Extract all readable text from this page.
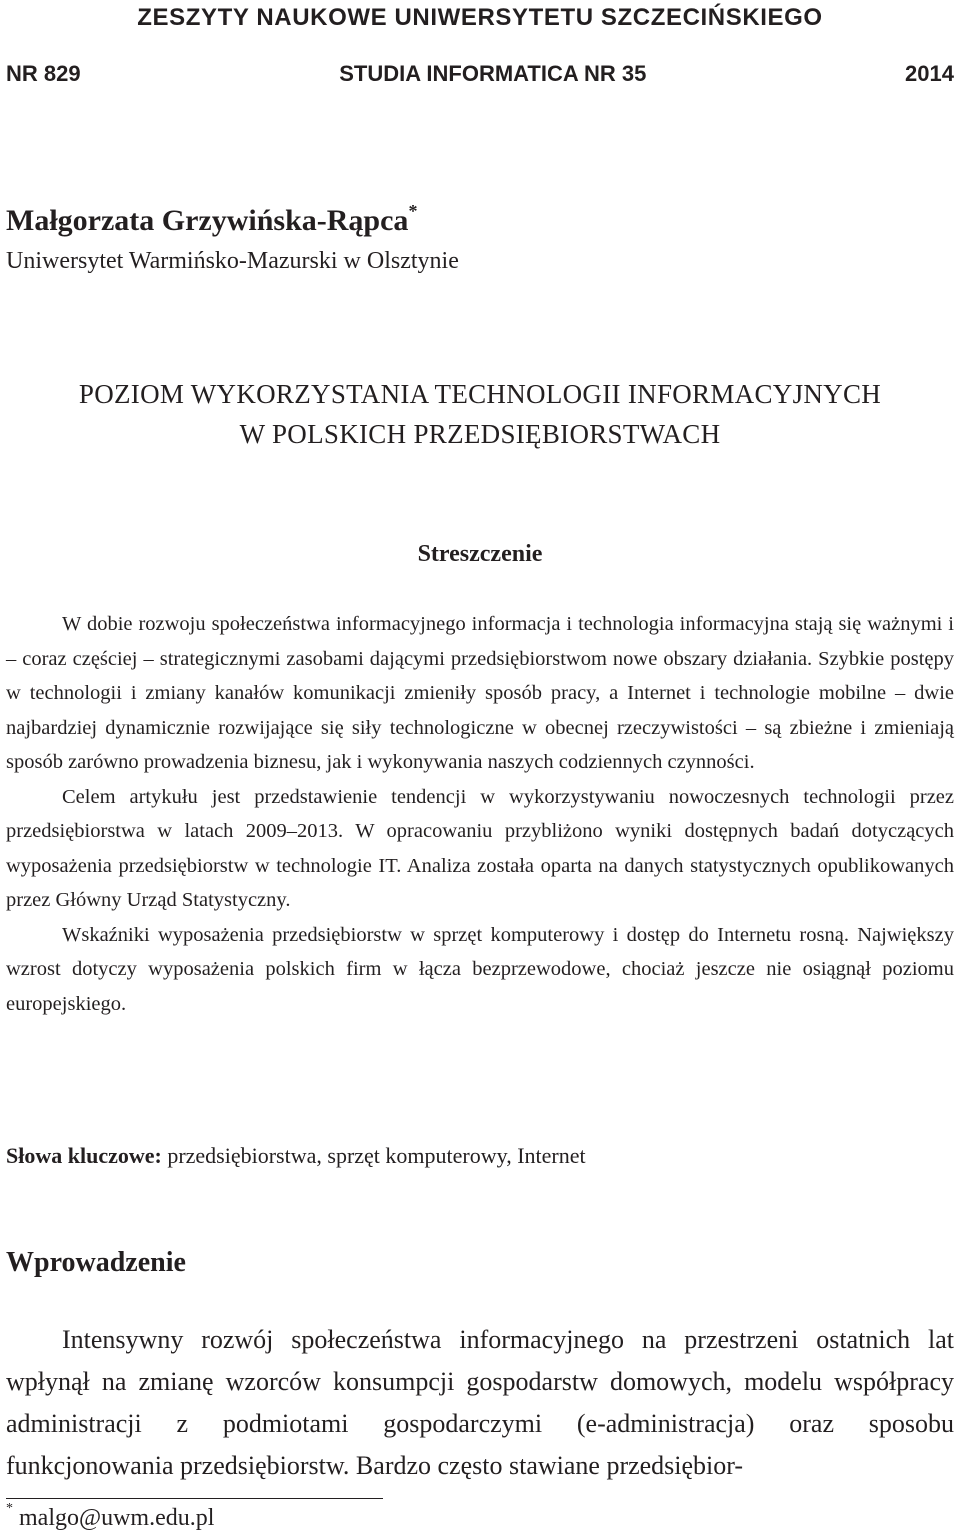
ZESZYTY NAUKOWE UNIWERSYTETU SZCZECIŃSKIEGO
NR 829	STUDIA INFORMATICA NR 35	2014
Małgorzata Grzywińska-Rąpca*
Uniwersytet Warmińsko-Mazurski w Olsztynie
POZIOM WYKORZYSTANIA TECHNOLOGII INFORMACYJNYCH
W POLSKICH PRZEDSIĘBIORSTWACH
Streszczenie

W dobie rozwoju społeczeństwa informacyjnego informacja i technologia informacyjna stają się ważnymi i – coraz częściej – strategicznymi zasobami dającymi przedsiębiorstwom nowe obszary działania. Szybkie postępy w technologii i zmiany kanałów komunikacji zmieniły sposób pracy, a Internet i technologie mobilne – dwie najbardziej dynamicznie rozwijające się siły technologiczne w obecnej rzeczywistości – są zbieżne i zmieniają sposób zarówno prowadzenia biznesu, jak i wykonywania naszych codziennych czynności.

Celem artykułu jest przedstawienie tendencji w wykorzystywaniu nowoczesnych technologii przez przedsiębiorstwa w latach 2009–2013. W opracowaniu przybliżono wyniki dostępnych badań dotyczących wyposażenia przedsiębiorstw w technologie IT. Analiza została oparta na danych statystycznych opublikowanych przez Główny Urząd Statystyczny.

Wskaźniki wyposażenia przedsiębiorstw w sprzęt komputerowy i dostęp do Internetu rosną. Największy wzrost dotyczy wyposażenia polskich firm w łącza bezprzewodowe, chociaż jeszcze nie osiągnął poziomu europejskiego.

Słowa kluczowe: przedsiębiorstwa, sprzęt komputerowy, Internet
Wprowadzenie

Intensywny rozwój społeczeństwa informacyjnego na przestrzeni ostatnich lat wpłynął na zmianę wzorców konsumpcji gospodarstw domowych, modelu współpracy administracji z podmiotami gospodarczymi (e-administracja) oraz sposobu funkcjonowania przedsiębiorstw. Bardzo często stawiane przedsiębior-

* malgo@uwm.edu.pl
